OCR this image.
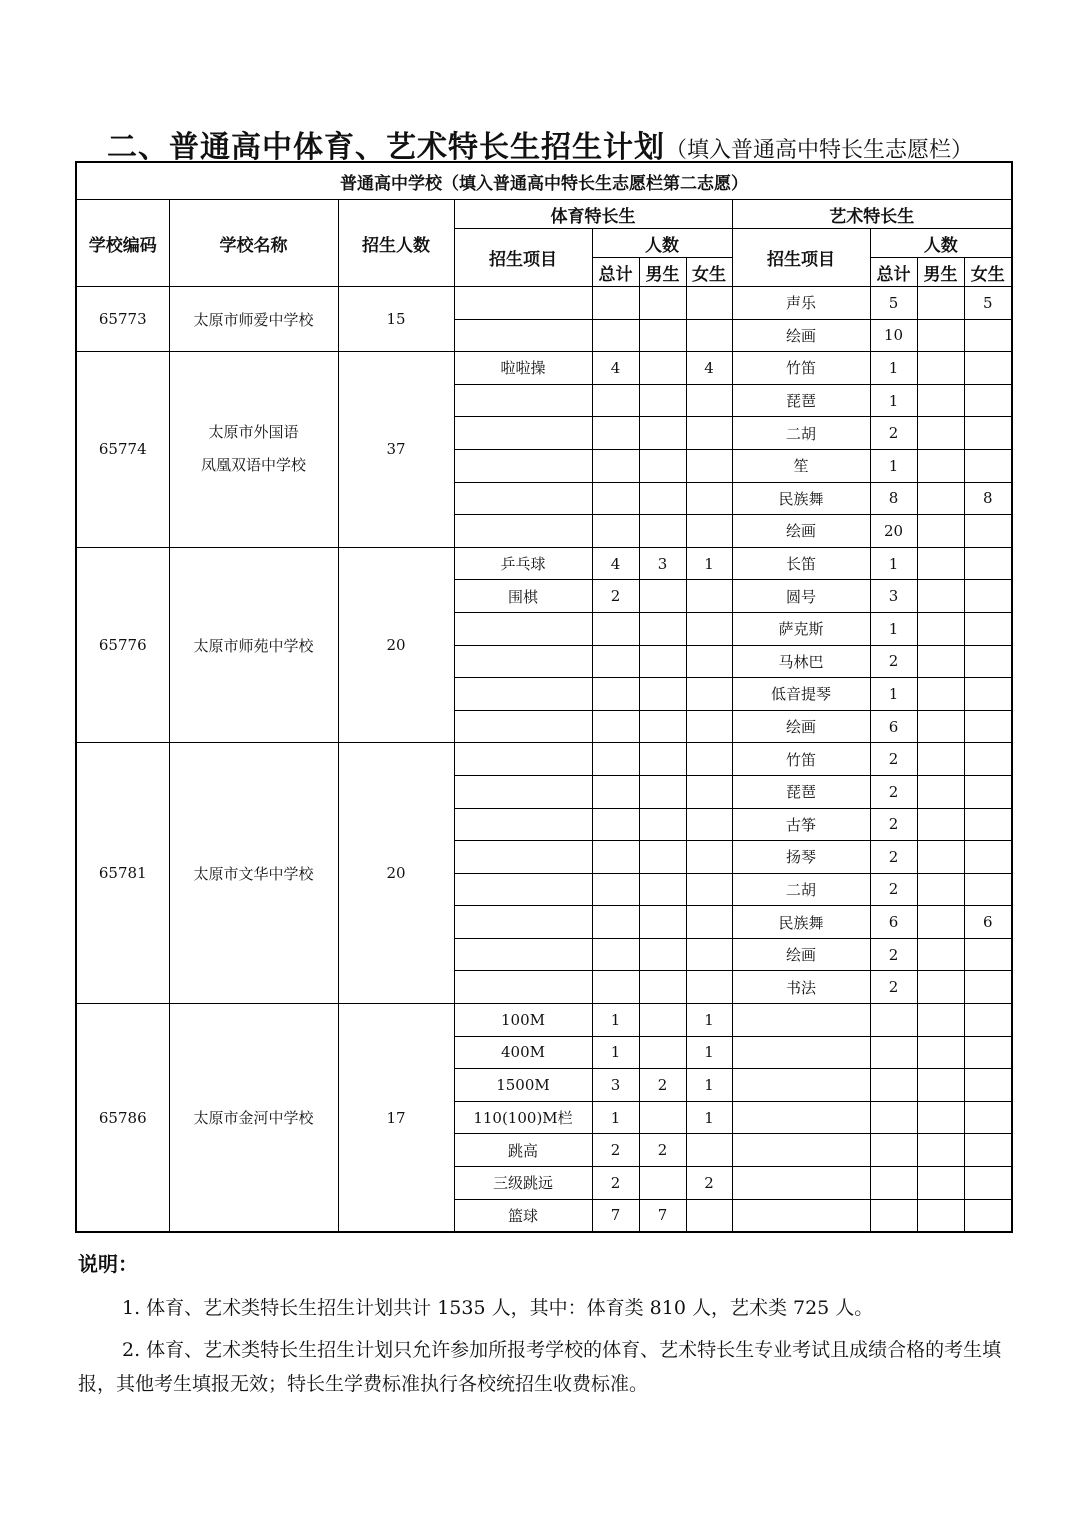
二、普通高中体育、艺术特长生招生计划（填入普通高中特长生志愿栏）
普通高中学校（填入普通高中特长生志愿栏第二志愿）										
学校编码	学校名称	招生人数	体育特长生				艺术特长生			
			招生项目	人数			招生项目	人数		
				总计	男生	女生		总计	男生	女生
65773	太原市师爱中学校	15					声乐	5		5
							绘画	10		
65774	太原市外国语
凤凰双语中学校	37	啦啦操	4		4	竹笛	1		
							琵琶	1		
							二胡	2		
							笙	1		
							民族舞	8		8
							绘画	20		
65776	太原市师苑中学校	20	乒乓球	4	3	1	长笛	1		
			围棋	2			圆号	3		
							萨克斯	1		
							马林巴	2		
							低音提琴	1		
							绘画	6		
65781	太原市文华中学校	20					竹笛	2		
							琵琶	2		
							古筝	2		
							扬琴	2		
							二胡	2		
							民族舞	6		6
							绘画	2		
							书法	2		
65786	太原市金河中学校	17	100M	1		1				
			400M	1		1				
			1500M	3	2	1				
			110(100)M栏	1		1				
			跳高	2	2					
			三级跳远	2		2				
			篮球	7	7					
说明：

1. 体育、艺术类特长生招生计划共计 1535 人，其中：体育类 810 人，艺术类 725 人。

2. 体育、艺术类特长生招生计划只允许参加所报考学校的体育、艺术特长生专业考试且成绩合格的考生填报，其他考生填报无效；特长生学费标准执行各校统招生收费标准。
